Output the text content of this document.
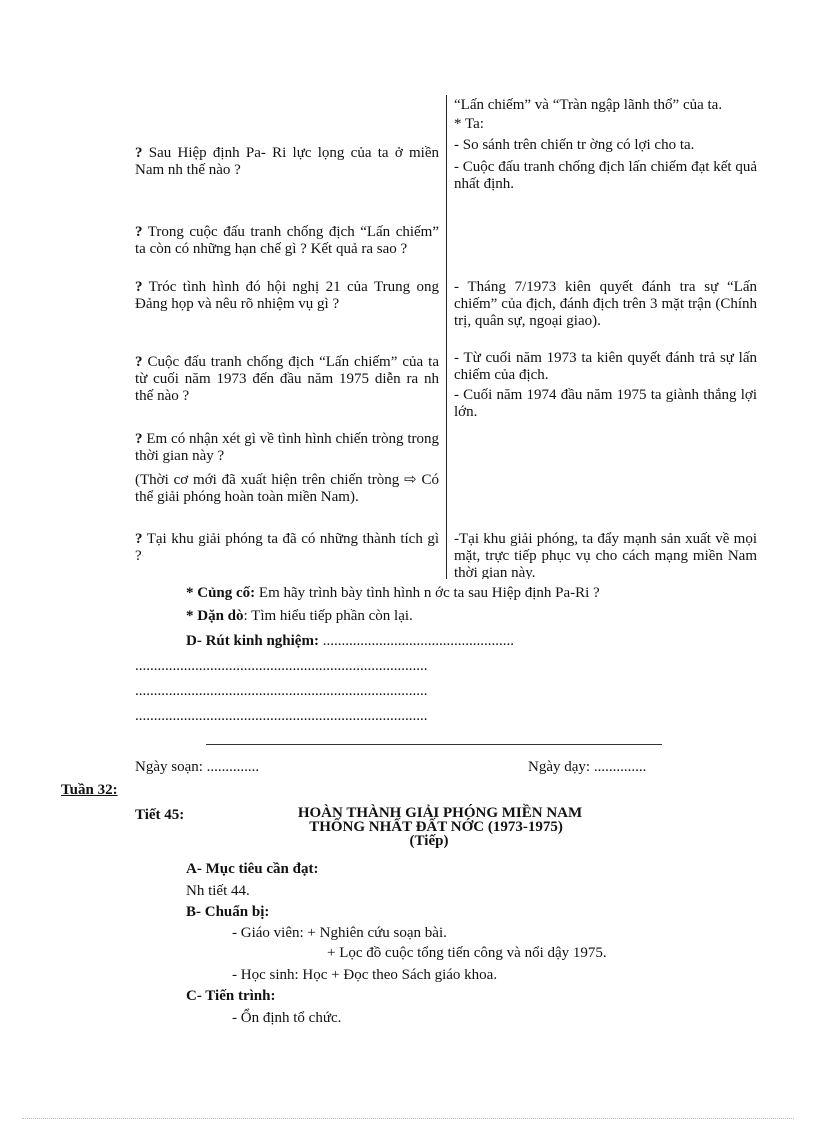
“Lấn chiếm” và “Tràn ngập lãnh thổ” của ta.
* Ta:
- So sánh trên chiến tr ờng có lợi cho ta.
- Cuộc đấu tranh chống địch lấn chiếm đạt kết quả nhất định.
? Sau Hiệp định Pa- Ri lực lọng của ta ở miền Nam nh thế nào ?
? Trong cuộc đấu tranh chống địch “Lấn chiếm” ta còn có những hạn chế gì ? Kết quả ra sao ?
? Tróc tình hình đó hội nghị 21 của Trung ong Đảng họp và nêu rõ nhiệm vụ gì ?
- Tháng 7/1973 kiên quyết đánh tra sự “Lấn chiếm” của địch, đánh địch trên 3 mặt trận (Chính trị, quân sự, ngoại giao).
? Cuộc đấu tranh chống địch “Lấn chiếm” của ta từ cuối năm 1973 đến đầu năm 1975 diễn ra nh thế nào ?
- Từ cuối năm 1973 ta kiên quyết đánh trả sự lấn chiếm của địch.
- Cuối năm 1974 đầu năm 1975 ta giành thắng lợi lớn.
? Em có nhận xét gì về tình hình chiến tròng trong thời gian này ?
(Thời cơ mới đã xuất hiện trên chiến tròng ⇨ Có thể giải phóng hoàn toàn miền Nam).
? Tại khu giải phóng ta đã có những thành tích gì ?
-Tại khu giải phóng, ta đẩy mạnh sản xuất về mọi mặt, trực tiếp phục vụ cho cách mạng miền Nam thời gian này.
* Củng cố: Em hãy trình bày tình hình n ớc ta sau Hiệp định Pa-Ri ?
* Dặn dò: Tìm hiểu tiếp phần còn lại.
D- Rút kinh nghiệm: ...................................................
..............................................................................
..............................................................................
..............................................................................
Ngày soạn: ..............	Ngày dạy: ..............
Tuần 32:
Tiết 45:	HOÀN THÀNH GIẢI PHÓNG MIỀN NAM
THỐNG NHẤT ĐẤT NỚC (1973-1975)
(Tiếp)
A- Mục tiêu cần đạt:
Nh tiết 44.
B- Chuẩn bị:
- Giáo viên: + Nghiên cứu soạn bài.
+ Lọc đồ cuộc tổng tiến công và nổi dậy 1975.
- Học sinh: Học + Đọc theo Sách giáo khoa.
C- Tiến trình:
- Ổn định tổ chức.
